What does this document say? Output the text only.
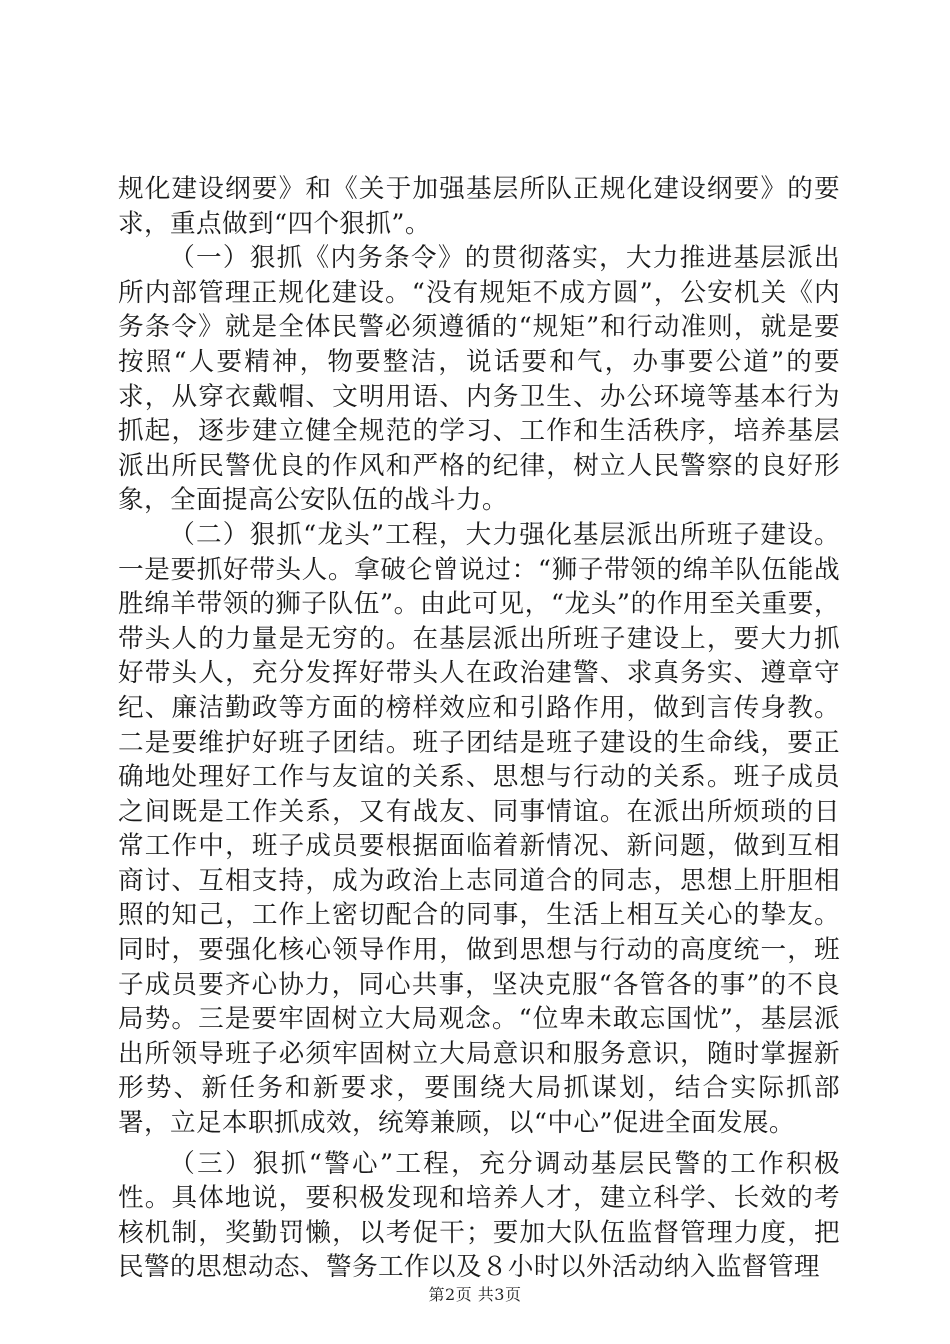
规化建设纲要》和《关于加强基层所队正规化建设纲要》的要求，重点做到“四个狠抓”。

（一）狠抓《内务条令》的贯彻落实，大力推进基层派出所内部管理正规化建设。“没有规矩不成方圆”，公安机关《内务条令》就是全体民警必须遵循的“规矩”和行动准则，就是要按照“人要精神，物要整洁，说话要和气，办事要公道”的要求，从穿衣戴帽、文明用语、内务卫生、办公环境等基本行为抓起，逐步建立健全规范的学习、工作和生活秩序，培养基层派出所民警优良的作风和严格的纪律，树立人民警察的良好形象，全面提高公安队伍的战斗力。

（二）狠抓“龙头”工程，大力强化基层派出所班子建设。一是要抓好带头人。拿破仑曾说过：“狮子带领的绵羊队伍能战胜绵羊带领的狮子队伍”。由此可见，“龙头”的作用至关重要，带头人的力量是无穷的。在基层派出所班子建设上，要大力抓好带头人，充分发挥好带头人在政治建警、求真务实、遵章守纪、廉洁勤政等方面的榜样效应和引路作用，做到言传身教。二是要维护好班子团结。班子团结是班子建设的生命线，要正确地处理好工作与友谊的关系、思想与行动的关系。班子成员之间既是工作关系，又有战友、同事情谊。在派出所烦琐的日常工作中，班子成员要根据面临着新情况、新问题，做到互相商讨、互相支持，成为政治上志同道合的同志，思想上肝胆相照的知己，工作上密切配合的同事，生活上相互关心的挚友。同时，要强化核心领导作用，做到思想与行动的高度统一，班子成员要齐心协力，同心共事，坚决克服“各管各的事”的不良局势。三是要牢固树立大局观念。“位卑未敢忘国忧”，基层派出所领导班子必须牢固树立大局意识和服务意识，随时掌握新形势、新任务和新要求，要围绕大局抓谋划，结合实际抓部署，立足本职抓成效，统筹兼顾，以“中心”促进全面发展。

（三）狠抓“警心”工程，充分调动基层民警的工作积极性。具体地说，要积极发现和培养人才，建立科学、长效的考核机制，奖勤罚懒，以考促干；要加大队伍监督管理力度，把民警的思想动态、警务工作以及８小时以外活动纳入监督管理

第2页 共3页
